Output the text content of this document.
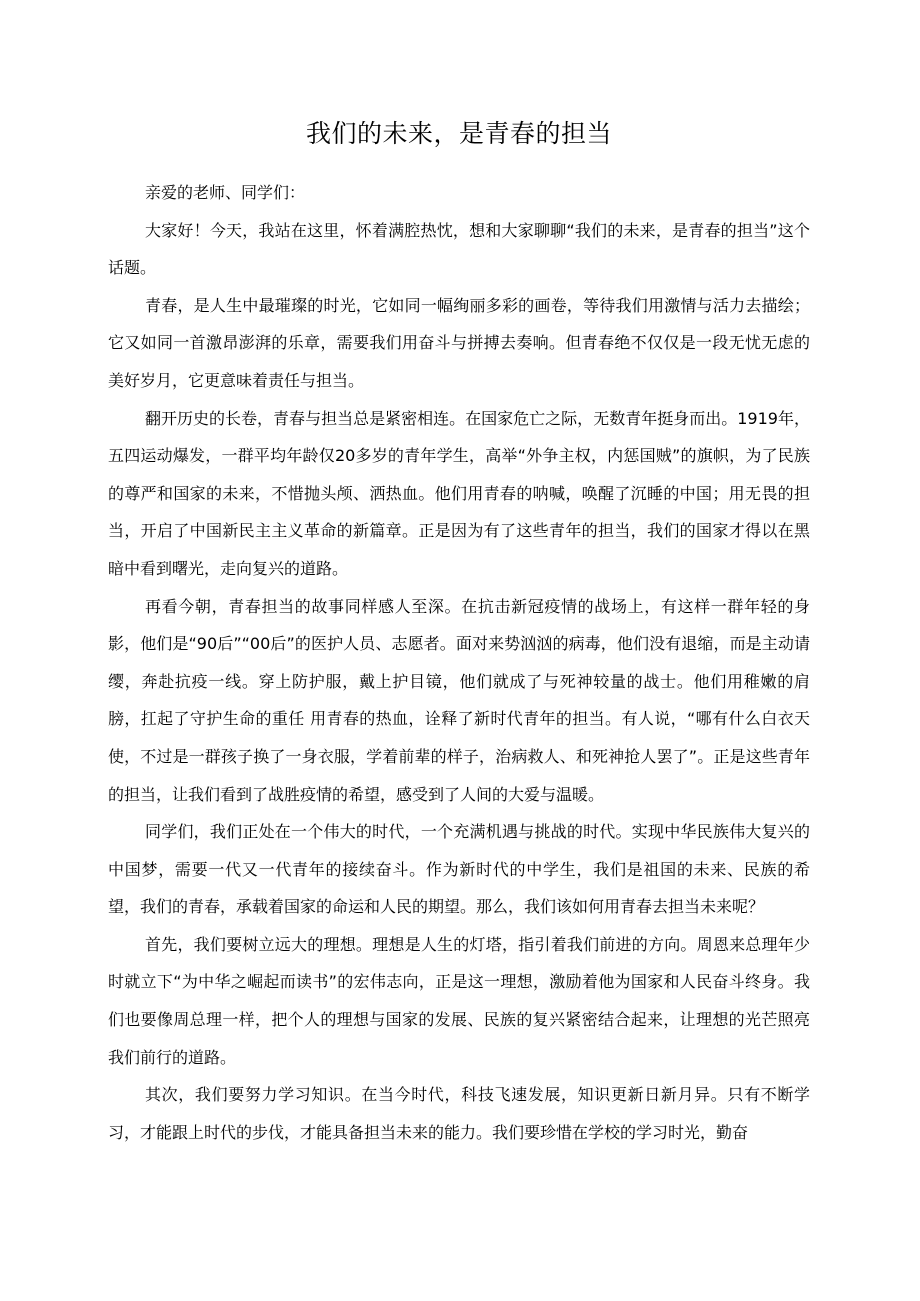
我们的未来，是青春的担当

亲爱的老师、同学们：

大家好！今天，我站在这里，怀着满腔热忱，想和大家聊聊“我们的未来，是青春的担当”这个话题。

青春，是人生中最璀璨的时光，它如同一幅绚丽多彩的画卷，等待我们用激情与活力去描绘；它又如同一首激昂澎湃的乐章，需要我们用奋斗与拼搏去奏响。但青春绝不仅仅是一段无忧无虑的美好岁月，它更意味着责任与担当。

翻开历史的长卷，青春与担当总是紧密相连。在国家危亡之际，无数青年挺身而出。1919年，五四运动爆发，一群平均年龄仅20多岁的青年学生，高举“外争主权，内惩国贼”的旗帜，为了民族的尊严和国家的未来，不惜抛头颅、洒热血。他们用青春的呐喊，唤醒了沉睡的中国；用无畏的担当，开启了中国新民主主义革命的新篇章。正是因为有了这些青年的担当，我们的国家才得以在黑暗中看到曙光，走向复兴的道路。

再看今朝，青春担当的故事同样感人至深。在抗击新冠疫情的战场上，有这样一群年轻的身影，他们是“90后”“00后”的医护人员、志愿者。面对来势汹汹的病毒，他们没有退缩，而是主动请缨，奔赴抗疫一线。穿上防护服，戴上护目镜，他们就成了与死神较量的战士。他们用稚嫩的肩膀，扛起了守护生命的重任 用青春的热血，诠释了新时代青年的担当。有人说，“哪有什么白衣天使，不过是一群孩子换了一身衣服，学着前辈的样子，治病救人、和死神抢人罢了”。正是这些青年的担当，让我们看到了战胜疫情的希望，感受到了人间的大爱与温暖。

同学们，我们正处在一个伟大的时代，一个充满机遇与挑战的时代。实现中华民族伟大复兴的中国梦，需要一代又一代青年的接续奋斗。作为新时代的中学生，我们是祖国的未来、民族的希望，我们的青春，承载着国家的命运和人民的期望。那么，我们该如何用青春去担当未来呢？

首先，我们要树立远大的理想。理想是人生的灯塔，指引着我们前进的方向。周恩来总理年少时就立下“为中华之崛起而读书”的宏伟志向，正是这一理想，激励着他为国家和人民奋斗终身。我们也要像周总理一样，把个人的理想与国家的发展、民族的复兴紧密结合起来，让理想的光芒照亮我们前行的道路。

其次，我们要努力学习知识。在当今时代，科技飞速发展，知识更新日新月异。只有不断学习，才能跟上时代的步伐，才能具备担当未来的能力。我们要珍惜在学校的学习时光，勤奋
